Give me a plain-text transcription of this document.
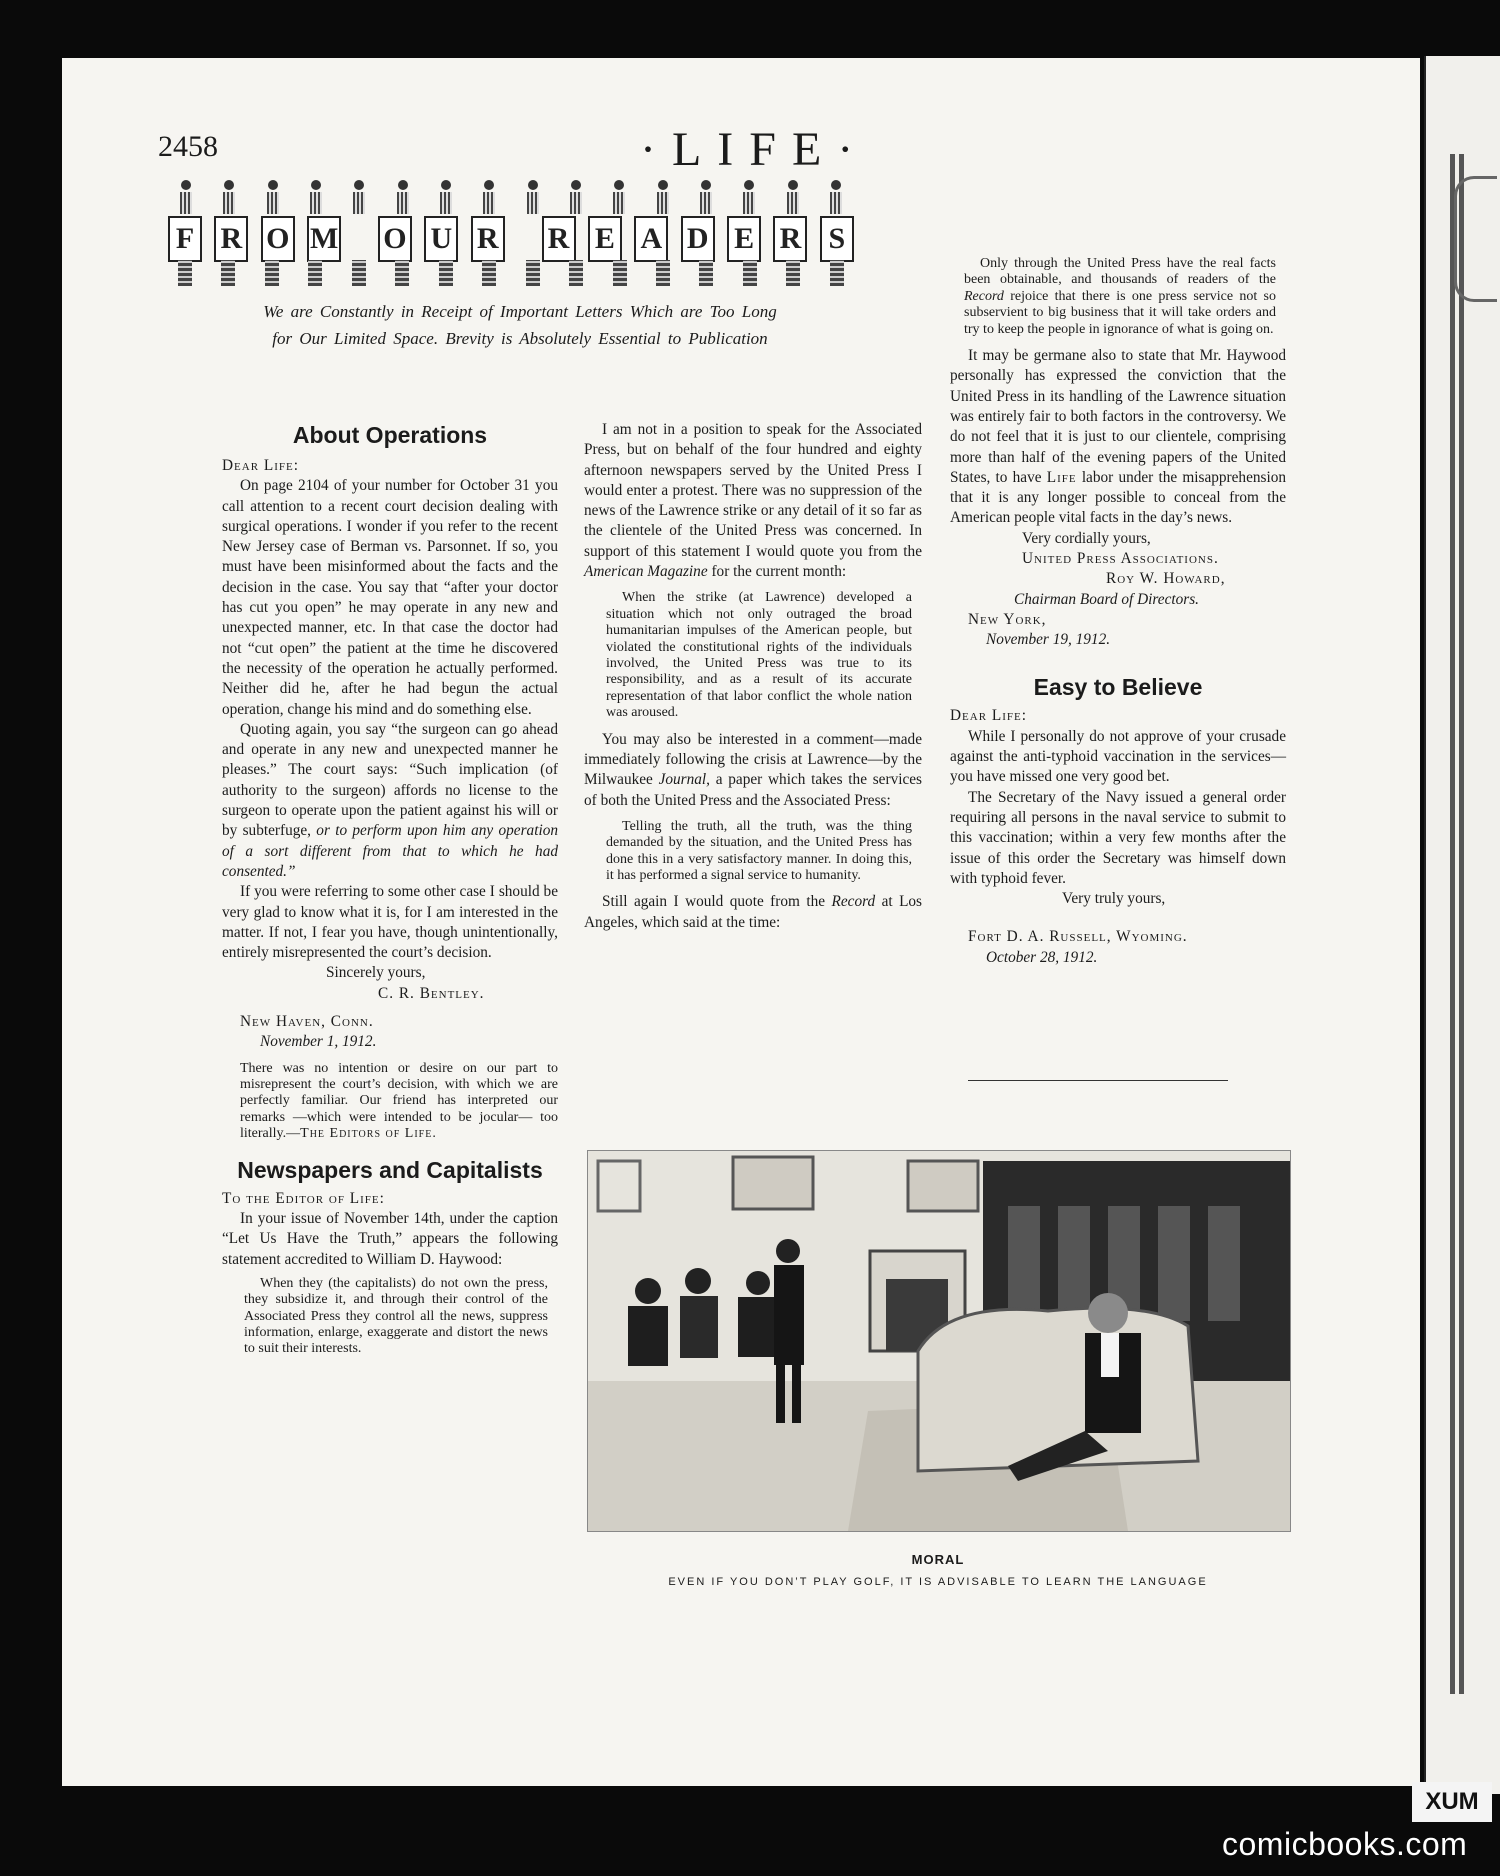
2458	·LIFE·
F R O M O U R R E A D E R S
We are Constantly in Receipt of Important Letters Which are Too Long
for Our Limited Space. Brevity is Absolutely Essential to Publication
About Operations

Dear Life:

On page 2104 of your number for October 31 you call attention to a recent court decision dealing with surgical operations. I wonder if you refer to the recent New Jersey case of Berman vs. Parsonnet. If so, you must have been misinformed about the facts and the decision in the case. You say that “after your doctor has cut you open” he may operate in any new and unexpected manner, etc. In that case the doctor had not “cut open” the patient at the time he discovered the necessity of the operation he actually performed. Neither did he, after he had begun the actual operation, change his mind and do something else.

Quoting again, you say “the surgeon can go ahead and operate in any new and unexpected manner he pleases.” The court says: “Such implication (of authority to the surgeon) affords no license to the surgeon to operate upon the patient against his will or by subterfuge, or to perform upon him any operation of a sort different from that to which he had consented.”

If you were referring to some other case I should be very glad to know what it is, for I am interested in the matter. If not, I fear you have, though unintentionally, entirely misrepresented the court’s decision.

Sincerely yours,

C. R. Bentley.

New Haven, Conn.

November 1, 1912.

There was no intention or desire on our part to misrepresent the court’s decision, with which we are perfectly familiar. Our friend has interpreted our remarks —which were intended to be jocular— too literally.—The Editors of Life.

Newspapers and Capitalists

To the Editor of Life:

In your issue of November 14th, under the caption “Let Us Have the Truth,” appears the following statement accredited to William D. Haywood:

When they (the capitalists) do not own the press, they subsidize it, and through their control of the Associated Press they control all the news, suppress information, enlarge, exaggerate and distort the news to suit their interests.

I am not in a position to speak for the Associated Press, but on behalf of the four hundred and eighty afternoon newspapers served by the United Press I would enter a protest. There was no suppression of the news of the Lawrence strike or any detail of it so far as the clientele of the United Press was concerned. In support of this statement I would quote you from the American Magazine for the current month:

When the strike (at Lawrence) developed a situation which not only outraged the broad humanitarian impulses of the American people, but violated the constitutional rights of the individuals involved, the United Press was true to its responsibility, and as a result of its accurate representation of that labor conflict the whole nation was aroused.

You may also be interested in a comment—made immediately following the crisis at Lawrence—by the Milwaukee Journal, a paper which takes the services of both the United Press and the Associated Press:

Telling the truth, all the truth, was the thing demanded by the situation, and the United Press has done this in a very satisfactory manner. In doing this, it has performed a signal service to humanity.

Still again I would quote from the Record at Los Angeles, which said at the time:

Only through the United Press have the real facts been obtainable, and thousands of readers of the Record rejoice that there is one press service not so subservient to big business that it will take orders and try to keep the people in ignorance of what is going on.

It may be germane also to state that Mr. Haywood personally has expressed the conviction that the United Press in its handling of the Lawrence situation was entirely fair to both factors in the controversy. We do not feel that it is just to our clientele, comprising more than half of the evening papers of the United States, to have Life labor under the misapprehension that it is any longer possible to conceal from the American people vital facts in the day’s news.

Very cordially yours,

United Press Associations.

Roy W. Howard,

Chairman Board of Directors.

New York,

November 19, 1912.

Easy to Believe

Dear Life:

While I personally do not approve of your crusade against the anti-typhoid vaccination in the services—you have missed one very good bet.

The Secretary of the Navy issued a general order requiring all persons in the naval service to submit to this vaccination; within a very few months after the issue of this order the Secretary was himself down with typhoid fever.

Very truly yours,

Fort D. A. Russell, Wyoming.

October 28, 1912.

MORAL
EVEN IF YOU DON’T PLAY GOLF, IT IS ADVISABLE TO LEARN THE LANGUAGE
XUM
comicbooks.com
